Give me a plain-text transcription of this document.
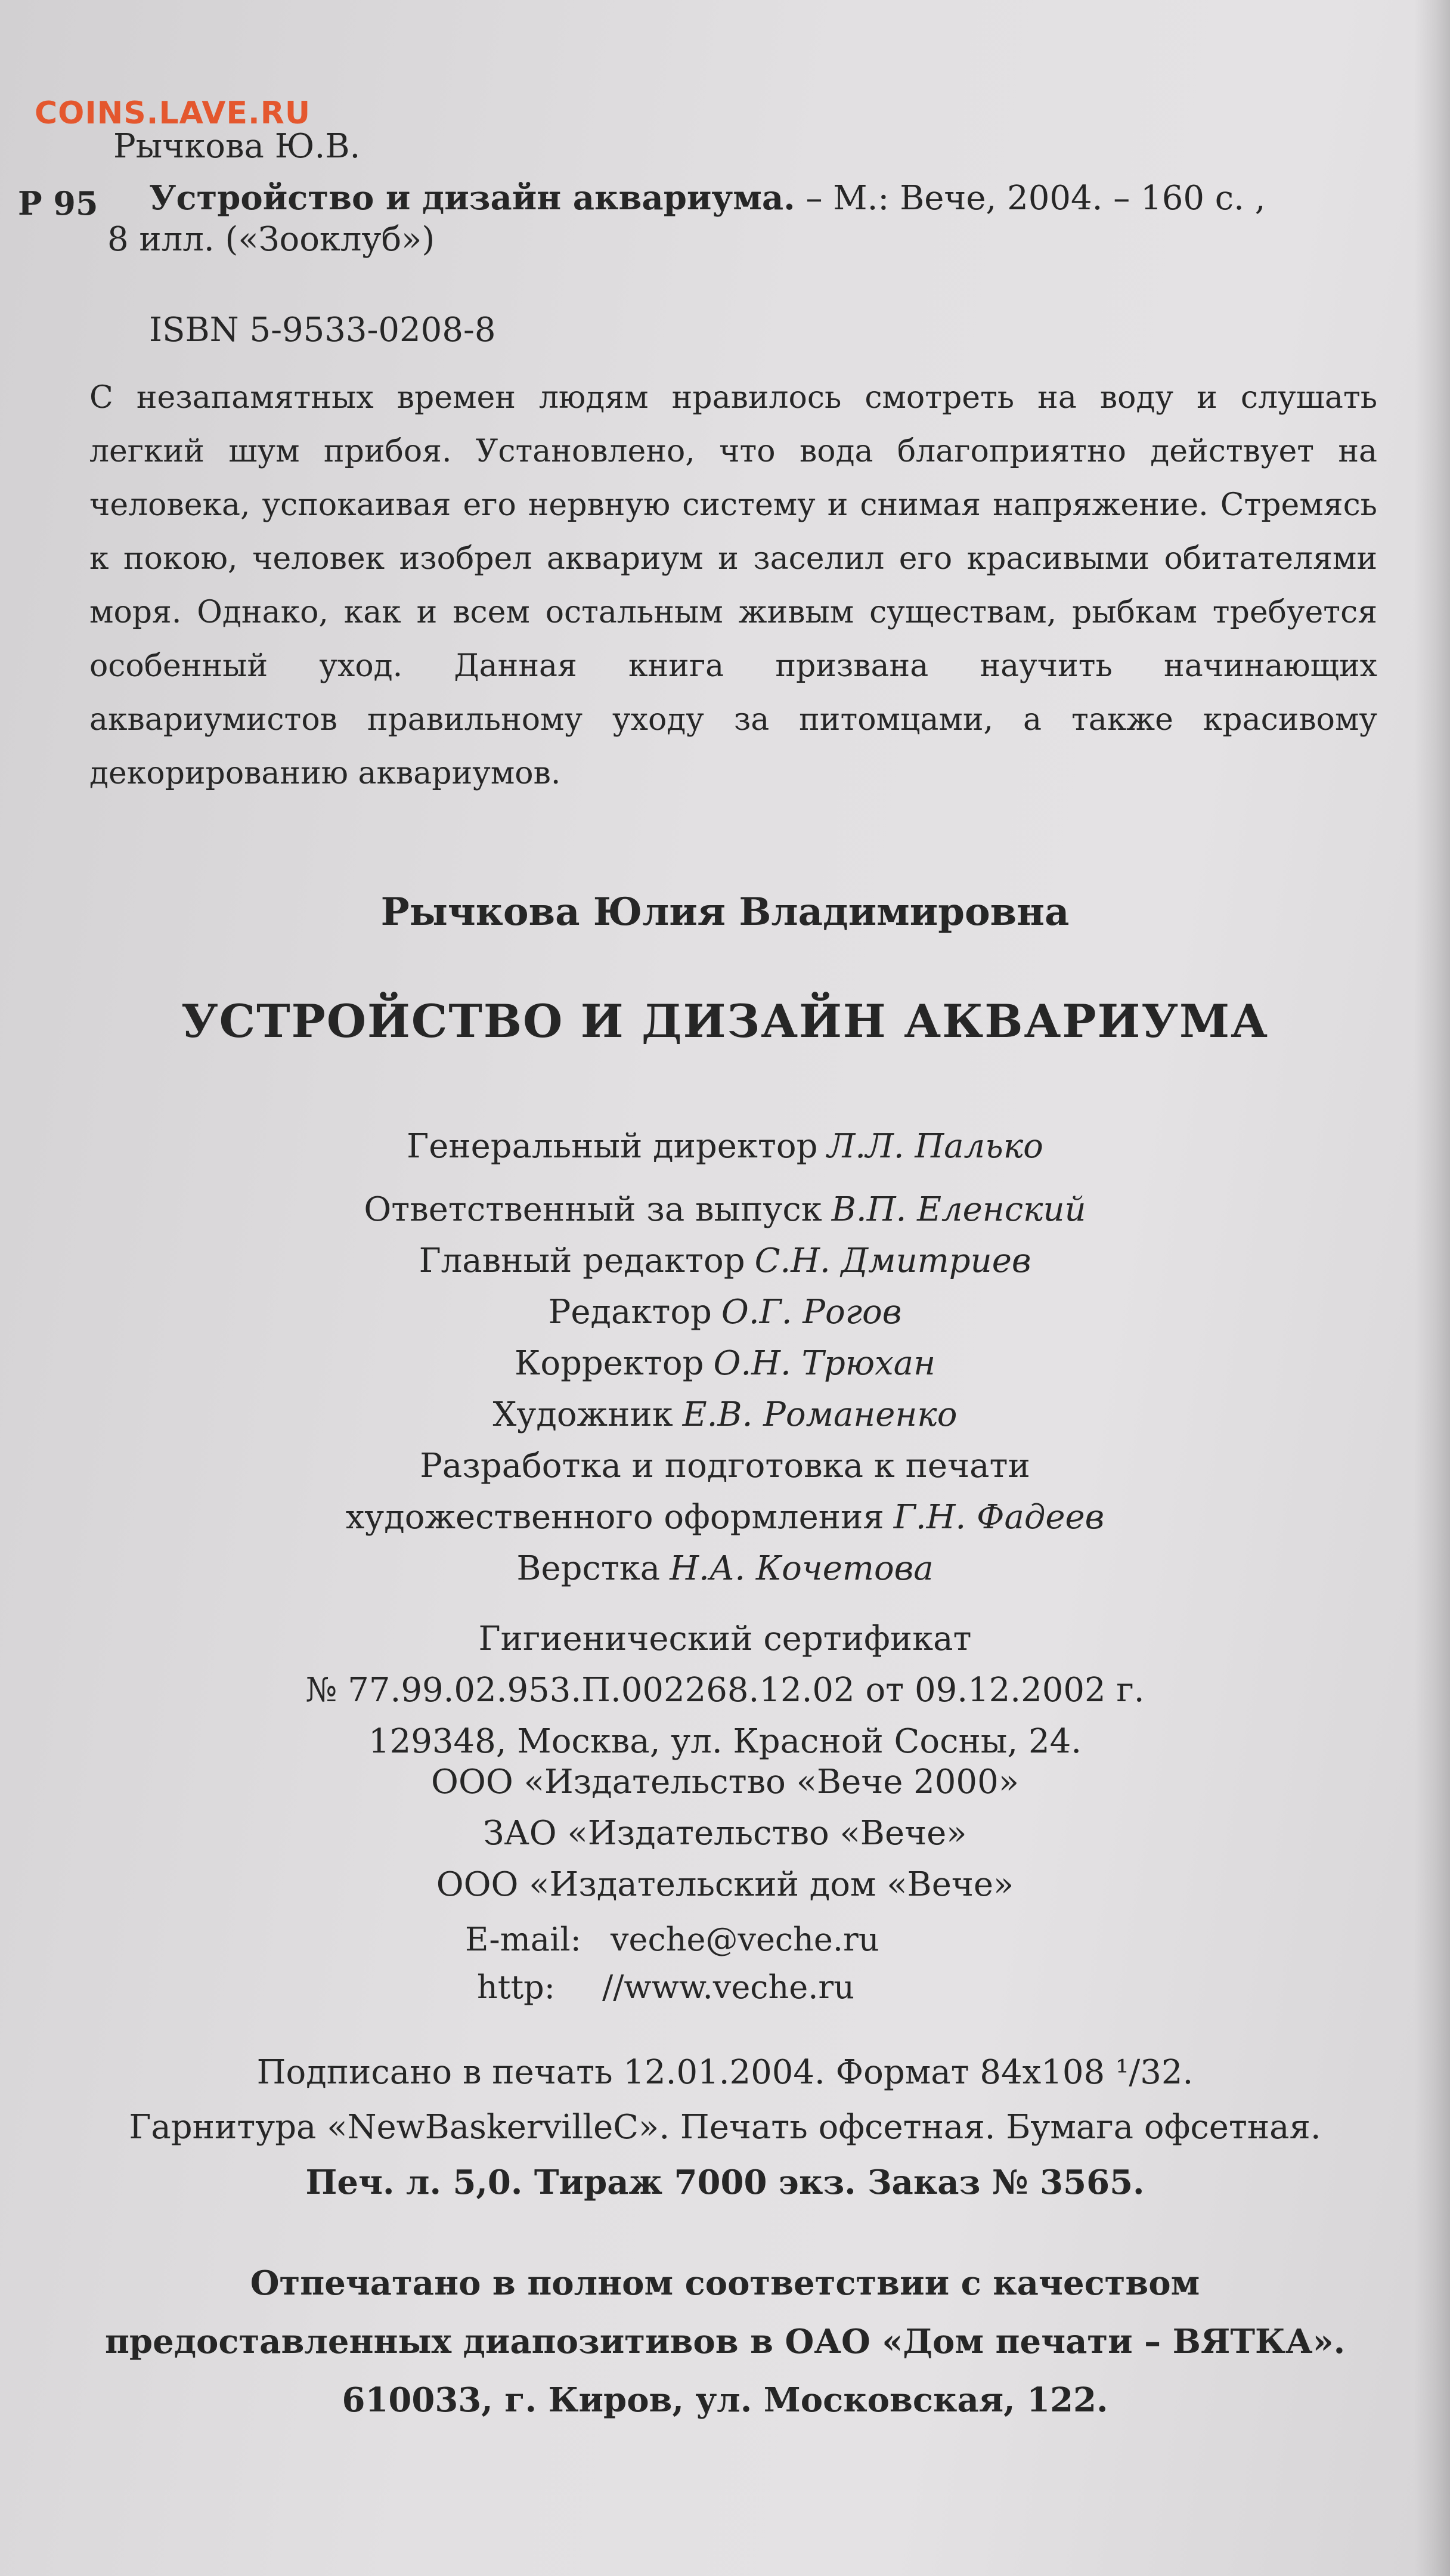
COINS.LAVE.RU
Рычкова Ю.В.
Р 95 Устройство и дизайн аквариума. – М.: Вече, 2004. – 160 с. ,
8 илл. («Зооклуб»)
ISBN 5-9533-0208-8

С незапамятных времен людям нравилось смотреть на воду и слушать легкий шум прибоя. Установлено, что вода благоприятно действует на человека, успокаивая его нервную систему и снимая напряжение. Стремясь к покою, человек изобрел аквариум и заселил его красивыми обитателями моря. Однако, как и всем остальным живым существам, рыбкам требуется особенный уход. Данная книга призвана научить начинающих аквариумистов правильному уходу за питомцами, а также красивому декорированию аквариумов.

Рычкова Юлия Владимировна
УСТРОЙСТВО И ДИЗАЙН АКВАРИУМА
Генеральный директор Л.Л. Палько
Ответственный за выпуск В.П. Еленский
Главный редактор С.Н. Дмитриев
Редактор О.Г. Рогов
Корректор О.Н. Трюхан
Художник Е.В. Романенко
Разработка и подготовка к печати
художественного оформления Г.Н. Фадеев
Верстка Н.А. Кочетова
Гигиенический сертификат
№ 77.99.02.953.П.002268.12.02 от 09.12.2002 г.
129348, Москва, ул. Красной Сосны, 24.
ООО «Издательство «Вече 2000»
ЗАО «Издательство «Вече»
ООО «Издательский дом «Вече»
E-mail: veche@veche.ru
http: //www.veche.ru
Подписано в печать 12.01.2004. Формат 84x108 ¹/32.
Гарнитура «NewBaskervilleC». Печать офсетная. Бумага офсетная.
Печ. л. 5,0. Тираж 7000 экз. Заказ № 3565.
Отпечатано в полном соответствии с качеством
предоставленных диапозитивов в ОАО «Дом печати – ВЯТКА».
610033, г. Киров, ул. Московская, 122.
